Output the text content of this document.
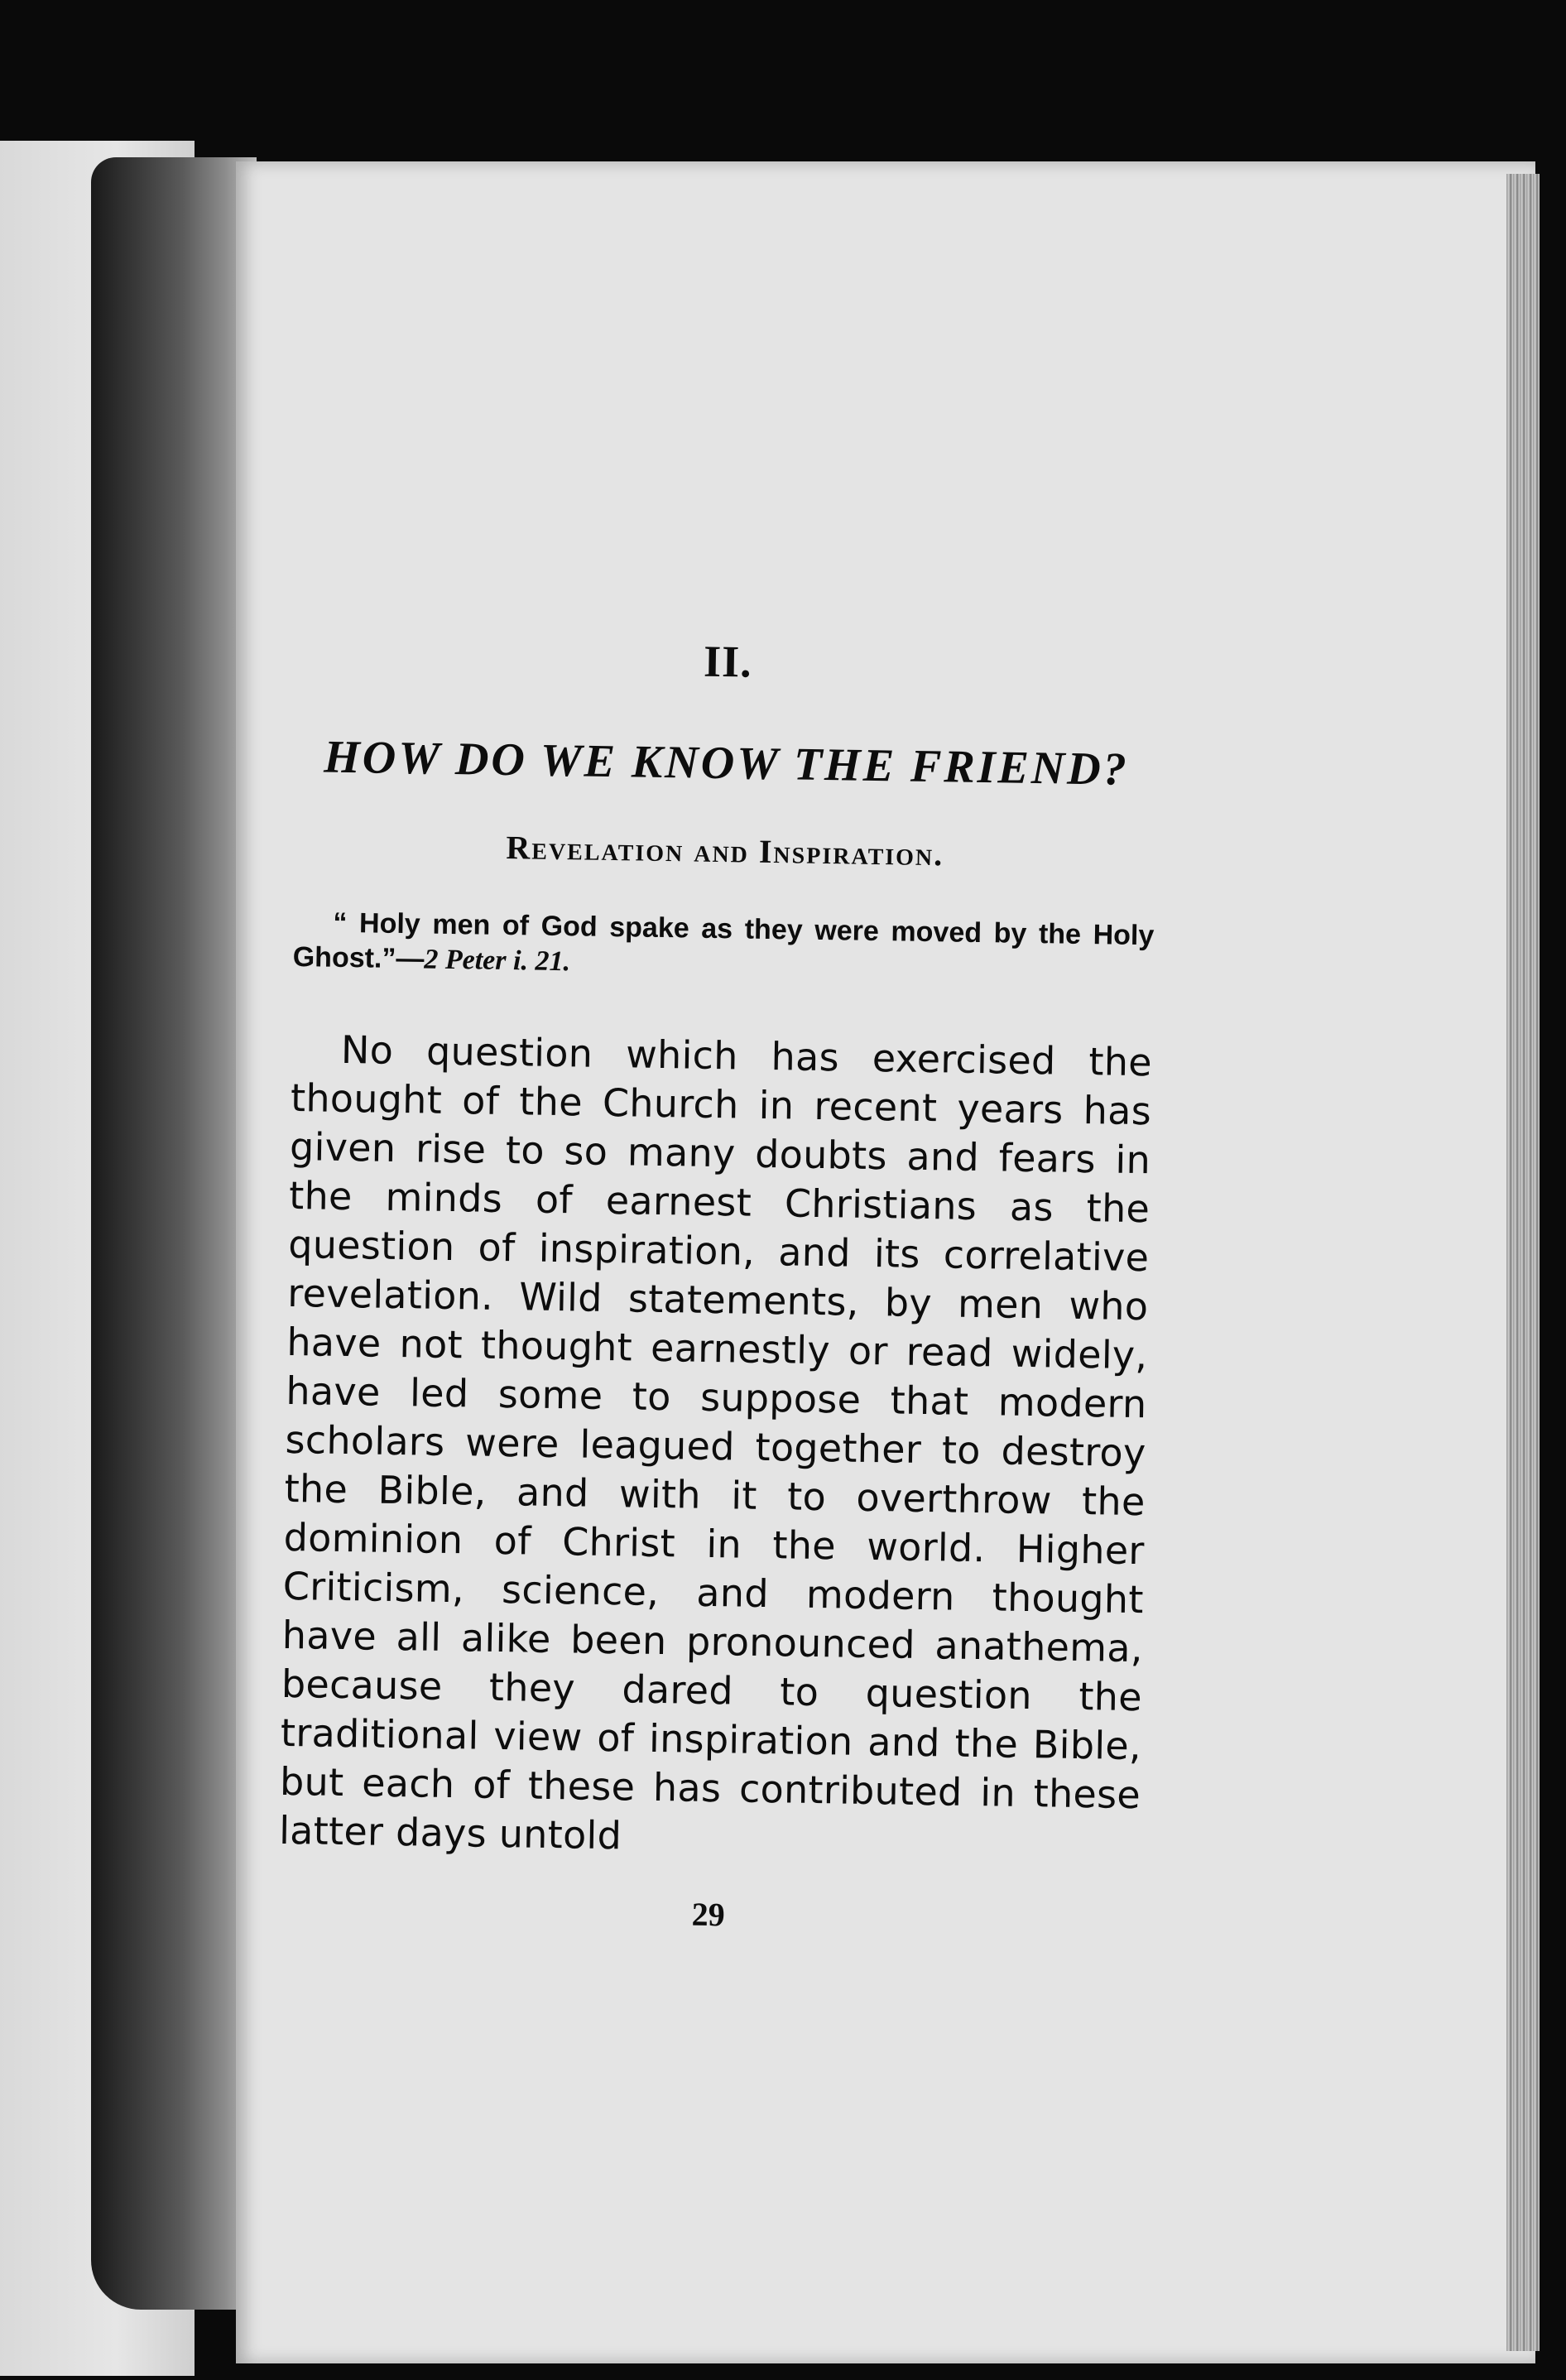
II.
HOW DO WE KNOW THE FRIEND?
Revelation and Inspiration.

“ Holy men of God spake as they were moved by the Holy Ghost.”—2 Peter i. 21.

No question which has exercised the thought of the Church in recent years has given rise to so many doubts and fears in the minds of earnest Christians as the question of inspiration, and its correlative revelation. Wild statements, by men who have not thought earnestly or read widely, have led some to suppose that modern scholars were leagued together to destroy the Bible, and with it to overthrow the dominion of Christ in the world. Higher Criticism, science, and modern thought have all alike been pronounced anathema, because they dared to question the traditional view of inspiration and the Bible, but each of these has contributed in these latter days untold

29
